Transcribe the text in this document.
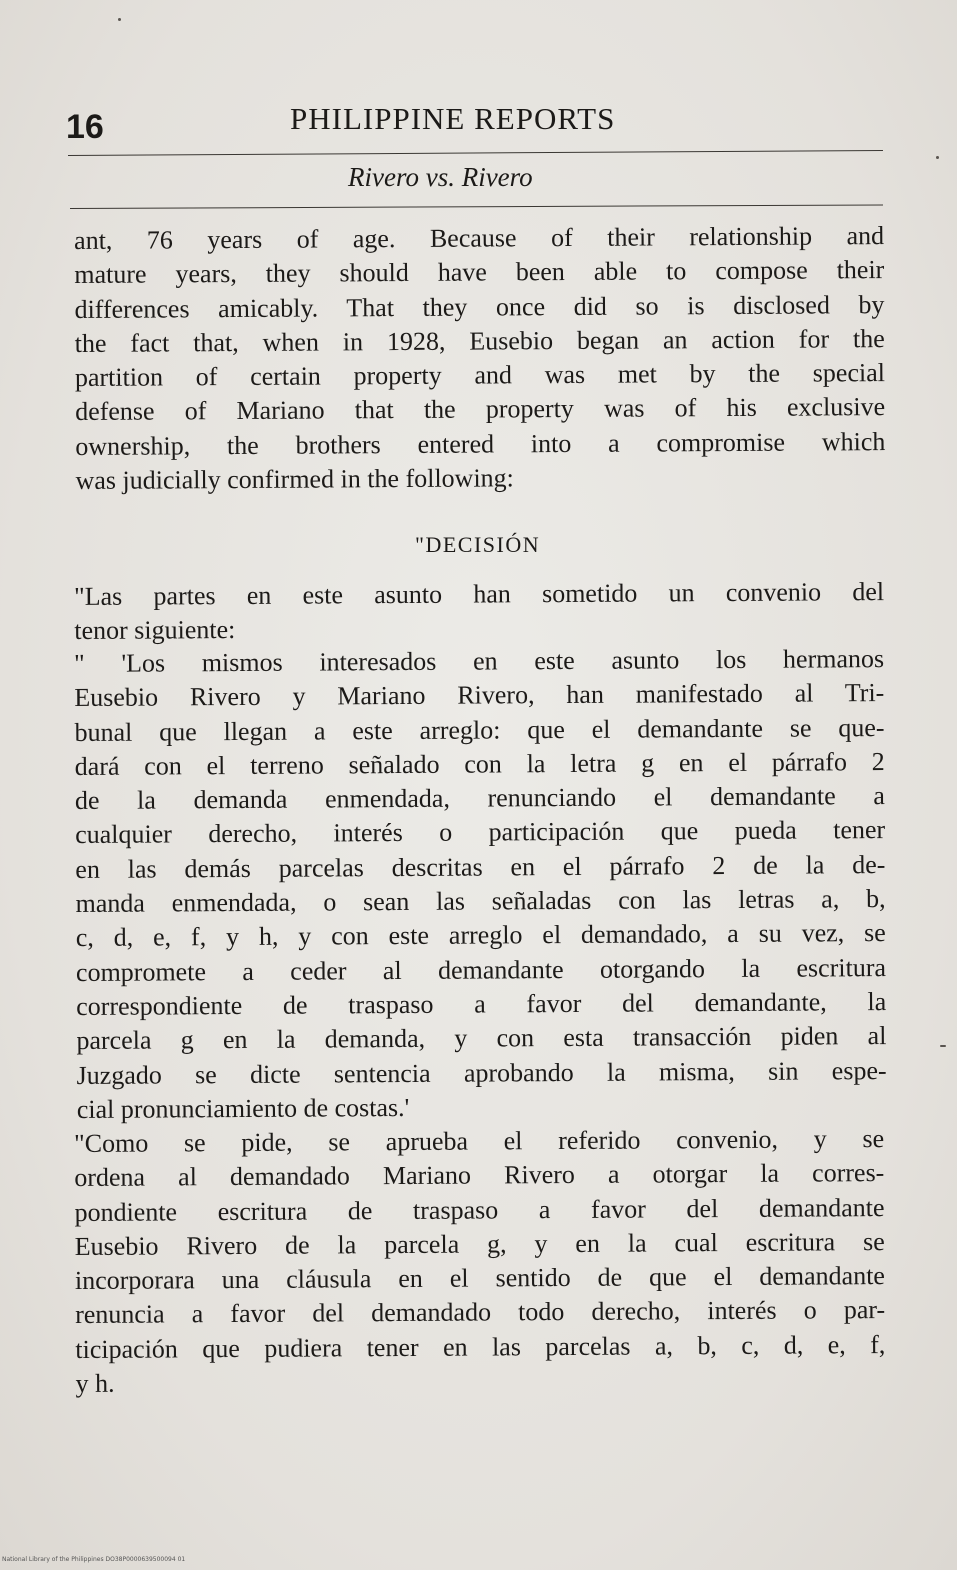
16	PHILIPPINE REPORTS
Rivero vs. Rivero
ant, 76 years of age. Because of their relationship and
mature years, they should have been able to compose their
differences amicably. That they once did so is disclosed by
the fact that, when in 1928, Eusebio began an action for the
partition of certain property and was met by the special
defense of Mariano that the property was of his exclusive
ownership, the brothers entered into a compromise which
was judicially confirmed in the following:
"DECISIÓN
"Las partes en este asunto han sometido un convenio del
tenor siguiente:
" 'Los mismos interesados en este asunto los hermanos
Eusebio Rivero y Mariano Rivero, han manifestado al Tri-
bunal que llegan a este arreglo: que el demandante se que-
dará con el terreno señalado con la letra g en el párrafo 2
de la demanda enmendada, renunciando el demandante a
cualquier derecho, interés o participación que pueda tener
en las demás parcelas descritas en el párrafo 2 de la de-
manda enmendada, o sean las señaladas con las letras a, b,
c, d, e, f, y h, y con este arreglo el demandado, a su vez, se
compromete a ceder al demandante otorgando la escritura
correspondiente de traspaso a favor del demandante, la
parcela g en la demanda, y con esta transacción piden al
Juzgado se dicte sentencia aprobando la misma, sin espe-
cial pronunciamiento de costas.'
"Como se pide, se aprueba el referido convenio, y se
ordena al demandado Mariano Rivero a otorgar la corres-
pondiente escritura de traspaso a favor del demandante
Eusebio Rivero de la parcela g, y en la cual escritura se
incorporara una cláusula en el sentido de que el demandante
renuncia a favor del demandado todo derecho, interés o par-
ticipación que pudiera tener en las parcelas a, b, c, d, e, f,
y h.
National Library of the Philippines DO38P0000639500094 01
